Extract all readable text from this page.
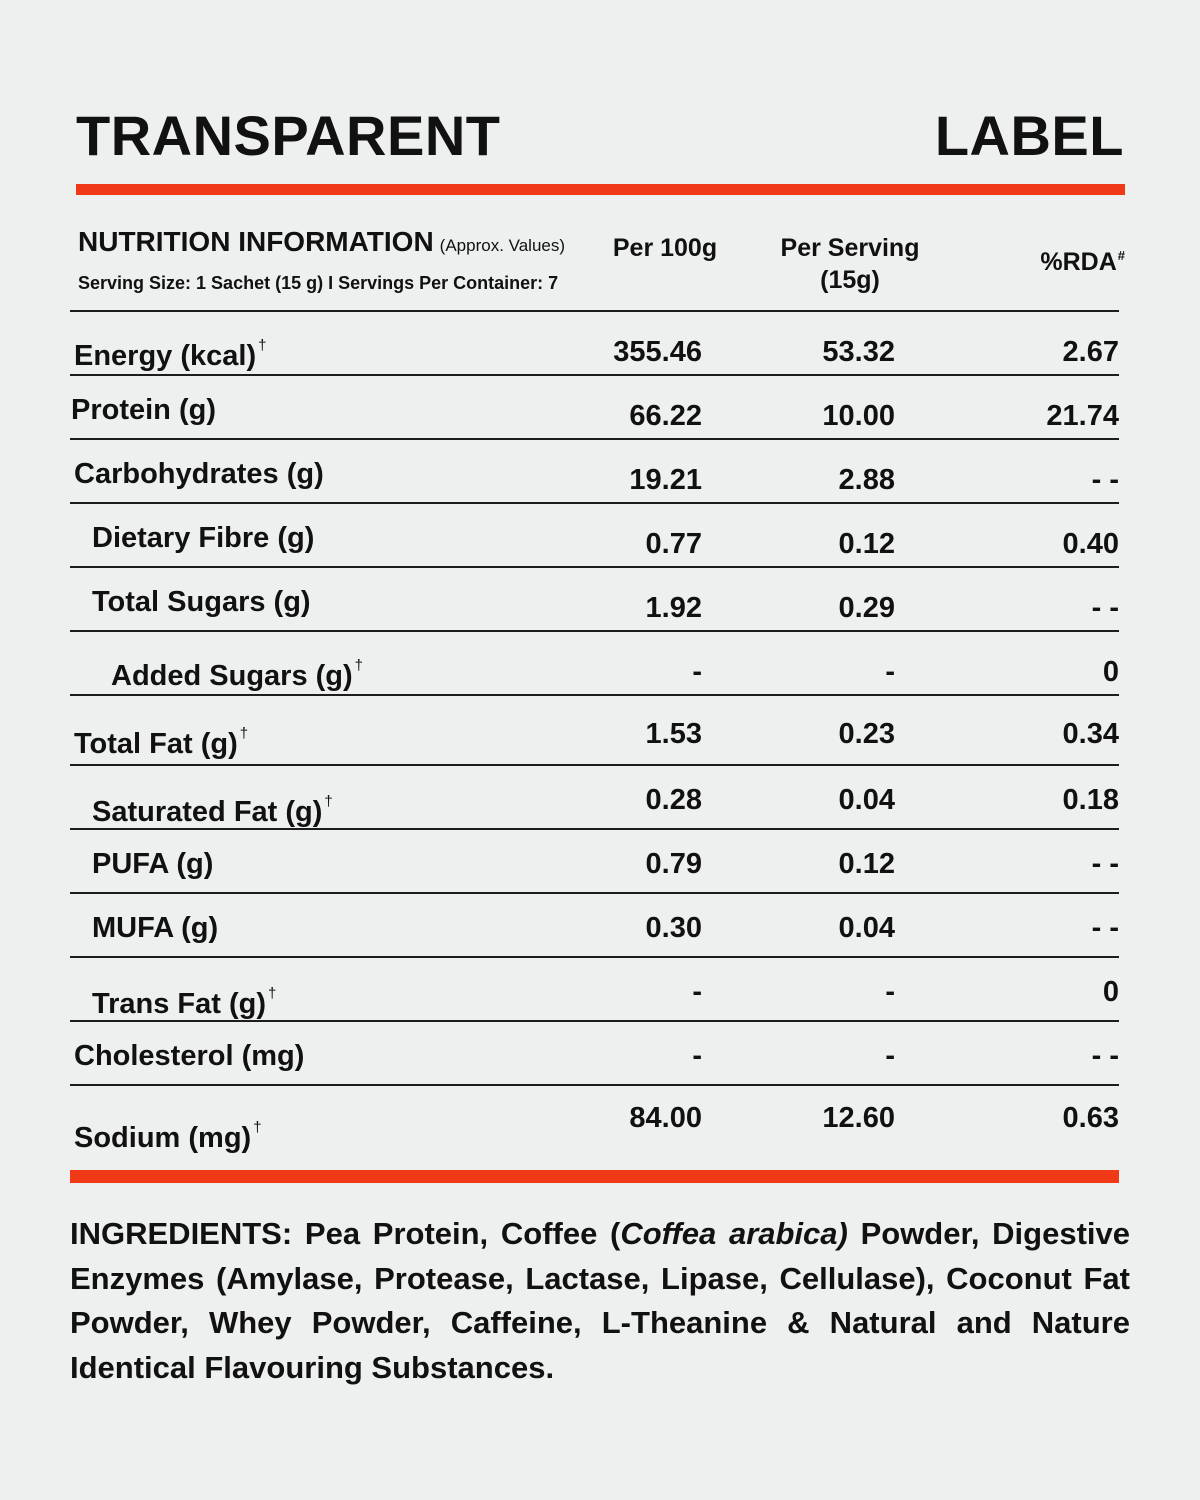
TRANSPARENT	LABEL
NUTRITION INFORMATION (Approx. Values)
Serving Size: 1 Sachet (15 g) I Servings Per Container: 7
Per 100g	Per Serving
(15g)
%RDA#
Energy (kcal) †	355.46	53.32	2.67
Protein (g)	66.22	10.00	21.74
Carbohydrates (g)	19.21	2.88	- -
Dietary Fibre (g)	0.77	0.12	0.40
Total Sugars (g)	1.92	0.29	- -
Added Sugars (g) †	-	-	0
Total Fat (g) †	1.53	0.23	0.34
Saturated Fat (g) †	0.28	0.04	0.18
PUFA (g)	0.79	0.12	- -
MUFA (g)	0.30	0.04	- -
Trans Fat (g) †	-	-	0
Cholesterol (mg)	-	-	- -
Sodium (mg) †	84.00	12.60	0.63

INGREDIENTS: Pea Protein, Coffee (Coffea arabica) Powder, Digestive Enzymes (Amylase, Protease, Lactase, Lipase, Cellulase), Coconut Fat Powder, Whey Powder, Caffeine, L-Theanine & Natural and Nature Identical Flavouring Substances.
